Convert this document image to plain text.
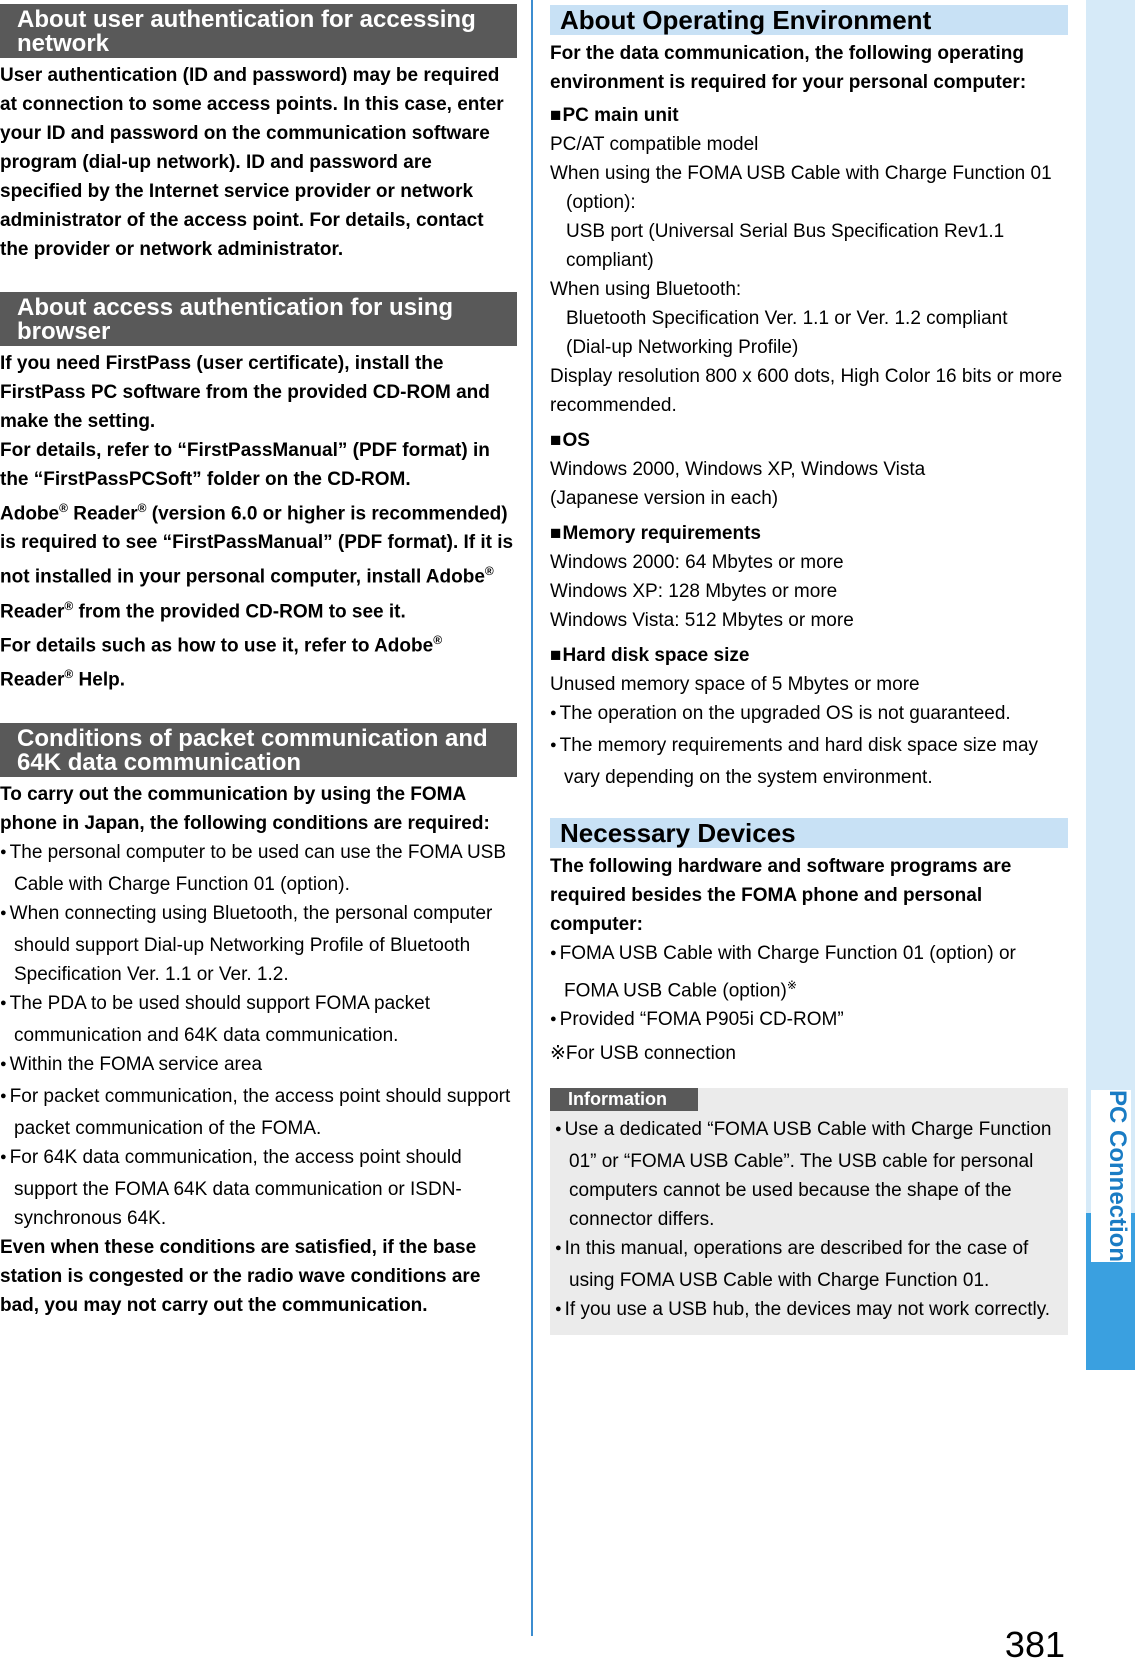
PC Connection
About user authentication for accessing network

User authentication (ID and password) may be required at connection to some access points. In this case, enter your ID and password on the communication software program (dial-up network). ID and password are specified by the Internet service provider or network administrator of the access point. For details, contact the provider or network administrator.

About access authentication for using browser

If you need FirstPass (user certificate), install the FirstPass PC software from the provided CD-ROM and make the setting.

For details, refer to “FirstPassManual” (PDF format) in the “FirstPassPCSoft” folder on the CD-ROM.

Adobe® Reader® (version 6.0 or higher is recommended) is required to see “FirstPassManual” (PDF format). If it is not installed in your personal computer, install Adobe® Reader® from the provided CD-ROM to see it.

For details such as how to use it, refer to Adobe® Reader® Help.

Conditions of packet communication and 64K data communication

To carry out the communication by using the FOMA phone in Japan, the following conditions are required:

● The personal computer to be used can use the FOMA USB Cable with Charge Function 01 (option).

● When connecting using Bluetooth, the personal computer should support Dial-up Networking Profile of Bluetooth Specification Ver. 1.1 or Ver. 1.2.

● The PDA to be used should support FOMA packet communication and 64K data communication.

● Within the FOMA service area

● For packet communication, the access point should support packet communication of the FOMA.

● For 64K data communication, the access point should support the FOMA 64K data communication or ISDN-synchronous 64K.

Even when these conditions are satisfied, if the base station is congested or the radio wave conditions are bad, you may not carry out the communication.

About Operating Environment

For the data communication, the following operating environment is required for your personal computer:

■ PC main unit

PC/AT compatible model

When using the FOMA USB Cable with Charge Function 01

(option):

USB port (Universal Serial Bus Specification Rev1.1

compliant)

When using Bluetooth:

Bluetooth Specification Ver. 1.1 or Ver. 1.2 compliant

(Dial-up Networking Profile)

Display resolution 800 x 600 dots, High Color 16 bits or more recommended.

■ OS

Windows 2000, Windows XP, Windows Vista

(Japanese version in each)

■ Memory requirements

Windows 2000: 64 Mbytes or more

Windows XP: 128 Mbytes or more

Windows Vista: 512 Mbytes or more

■ Hard disk space size

Unused memory space of 5 Mbytes or more

● The operation on the upgraded OS is not guaranteed.

● The memory requirements and hard disk space size may vary depending on the system environment.

Necessary Devices

The following hardware and software programs are required besides the FOMA phone and personal computer:

● FOMA USB Cable with Charge Function 01 (option) or FOMA USB Cable (option)※

● Provided “FOMA P905i CD-ROM”

※For USB connection

Information

● Use a dedicated “FOMA USB Cable with Charge Function 01” or “FOMA USB Cable”. The USB cable for personal computers cannot be used because the shape of the connector differs.

● In this manual, operations are described for the case of using FOMA USB Cable with Charge Function 01.

● If you use a USB hub, the devices may not work correctly.

381
